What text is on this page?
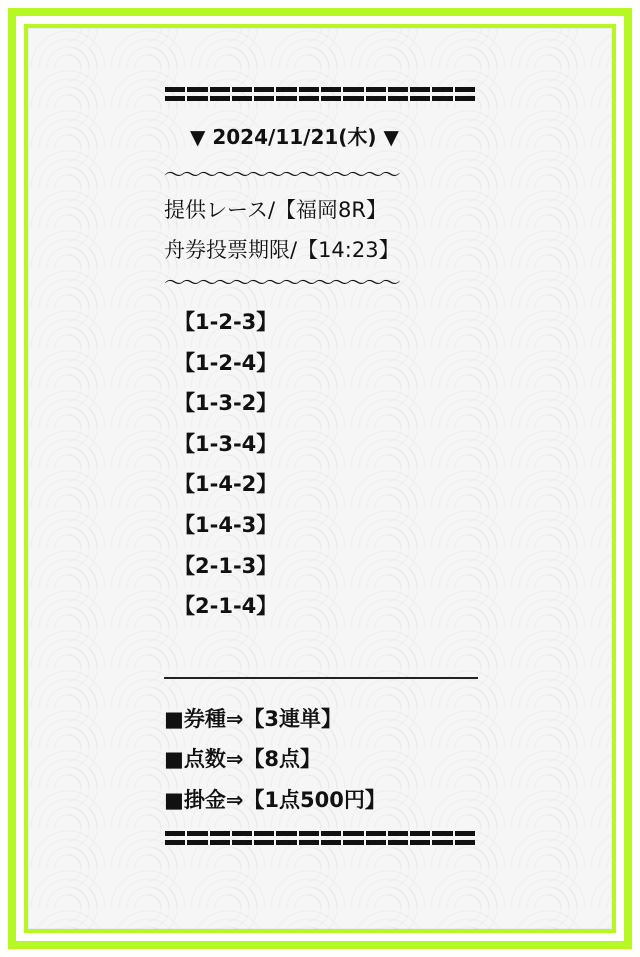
▼ 2024/11/21(木) ▼
〜〜〜〜〜〜〜〜〜〜〜〜〜〜
提供レース/【福岡8R】
舟券投票期限/【14:23】
〜〜〜〜〜〜〜〜〜〜〜〜〜〜
【1-2-3】
【1-2-4】
【1-3-2】
【1-3-4】
【1-4-2】
【1-4-3】
【2-1-3】
【2-1-4】
■券種⇒【3連単】
■点数⇒【8点】
■掛金⇒【1点500円】
